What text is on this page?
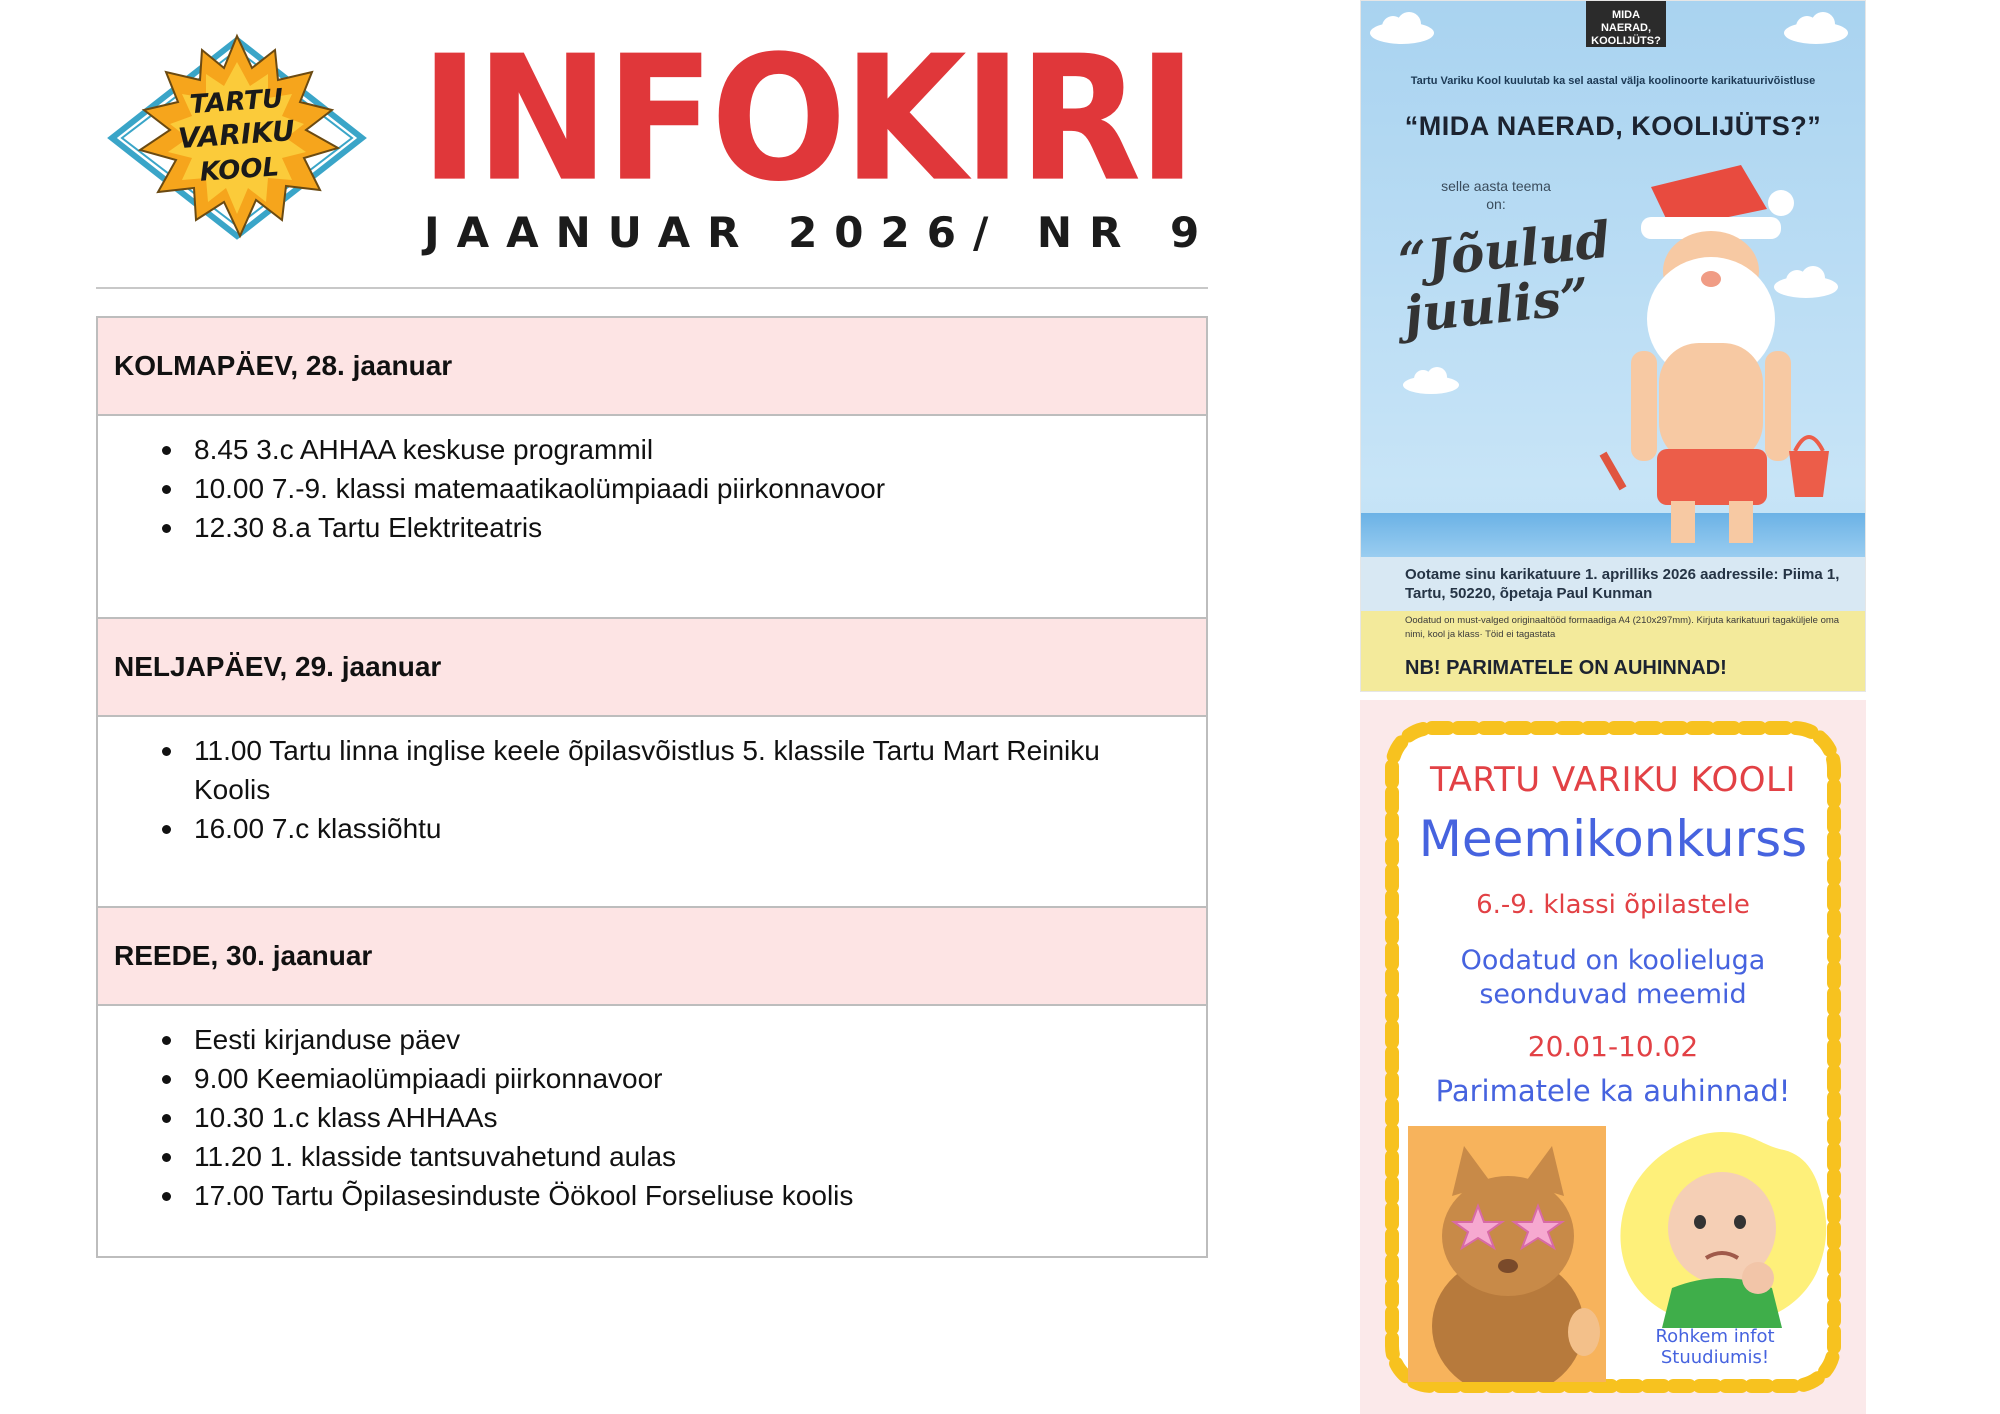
TARTU
VARIKU
KOOL INFOKIRI
JAANUAR 2026/ NR 9
KOLMAPÄEV, 28. jaanuar
8.45 3.c AHHAA keskuse programmil
10.00 7.-9. klassi matemaatikaolümpiaadi piirkonnavoor
12.30 8.a Tartu Elektriteatris
NELJAPÄEV, 29. jaanuar
11.00 Tartu linna inglise keele õpilasvõistlus 5. klassile Tartu Mart Reiniku Koolis
16.00 7.c klassiõhtu
REEDE, 30. jaanuar
Eesti kirjanduse päev
9.00 Keemiaolümpiaadi piirkonnavoor
10.30 1.c klass AHHAAs
11.20 1. klasside tantsuvahetund aulas
17.00 Tartu Õpilasesinduste Öökool Forseliuse koolis
MIDA NAERAD, KOOLIJÜTS?
Tartu Variku Kool kuulutab ka sel aastal välja koolinoorte karikatuurivõistluse
“MIDA NAERAD, KOOLIJÜTS?”
selle aasta teema on:
“Jõulud juulis”
Ootame sinu karikatuure 1. aprilliks 2026 aadressile: Piima 1, Tartu, 50220, õpetaja Paul Kunman
Oodatud on must-valged originaaltööd formaadiga A4 (210x297mm). Kirjuta karikatuuri tagaküljele oma nimi, kool ja klass· Töid ei tagastata
NB! PARIMATELE ON AUHINNAD!
TARTU VARIKU KOOLI
Meemikonkurss
6.-9. klassi õpilastele
Oodatud on koolieluga seonduvad meemid
20.01-10.02
Parimatele ka auhinnad!
Rohkem infot Stuudiumis!
